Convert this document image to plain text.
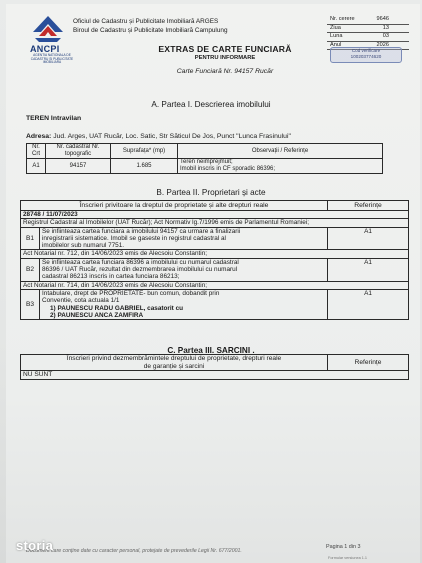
ANCPI
AGENTIA NATIONALA DE CADASTRU SI PUBLICITATE IMOBILIARA
Oficiul de Cadastru și Publicitate Imobiliară ARGES
Biroul de Cadastru și Publicitate Imobiliară Campulung
EXTRAS DE CARTE FUNCIARĂ
PENTRU INFORMARE
Carte Funciară Nr. 94157 Rucăr
Nr. cerere	9646
Ziua	13
Luna	03
Anul	2026
Cod verificare
100203774620
A. Partea I. Descrierea imobilului
TEREN Intravilan
Adresa: Jud. Arges, UAT Rucăr, Loc. Satic, Str Săticul De Jos, Punct "Lunca Frasinului"
Nr. Crt	Nr. cadastral Nr. topografic	Suprafața* (mp)	Observații / Referințe
A1	94157	1.685	Teren neimprejmuit;
Imobil inscris in CF sporadic 86396;
B. Partea II. Proprietari și acte
Înscrieri privitoare la dreptul de proprietate și alte drepturi reale		Referințe
28748 / 11/07/2023		
Registrul Cadastral al Imobilelor (UAT Rucăr); Act Normativ lg.7/1996 emis de Parlamentul Romaniei;		
B1	Se infiinteaza cartea funciara a imobilului 94157 ca urmare a finalizarii
inregistrarii sistematice. Imobil se gaseste in registrul cadastral al
imobilelor sub numarul 7751.	A1
Act Notarial nr. 712, din 14/06/2023 emis de Alecsoiu Constantin;		
B2	Se infiinteaza cartea funciara 86396 a imobilului cu numarul cadastral
86396 / UAT Rucăr, rezultat din dezmembrarea imobilului cu numarul
cadastral 86213 inscris in cartea funciara 86213;	A1
Act Notarial nr. 714, din 14/06/2023 emis de Alecsoiu Constantin;		
B3	Intabulare, drept de PROPRIETATE- bun comun, dobandit prin
Conventie, cota actuala 1/1
1) PAUNESCU RADU GABRIEL, casatorit cu
2) PAUNESCU ANCA ZAMFIRA	A1
C. Partea III. SARCINI .
Înscrieri privind dezmembrămintele dreptului de proprietate, drepturi reale
de garanție și sarcini
	Referințe
NU SUNT
Document care conține date cu caracter personal, protejate de prevederile Legii Nr. 677/2001.
Pagina 1 din 3
Formular versiunea 1.1
storia
